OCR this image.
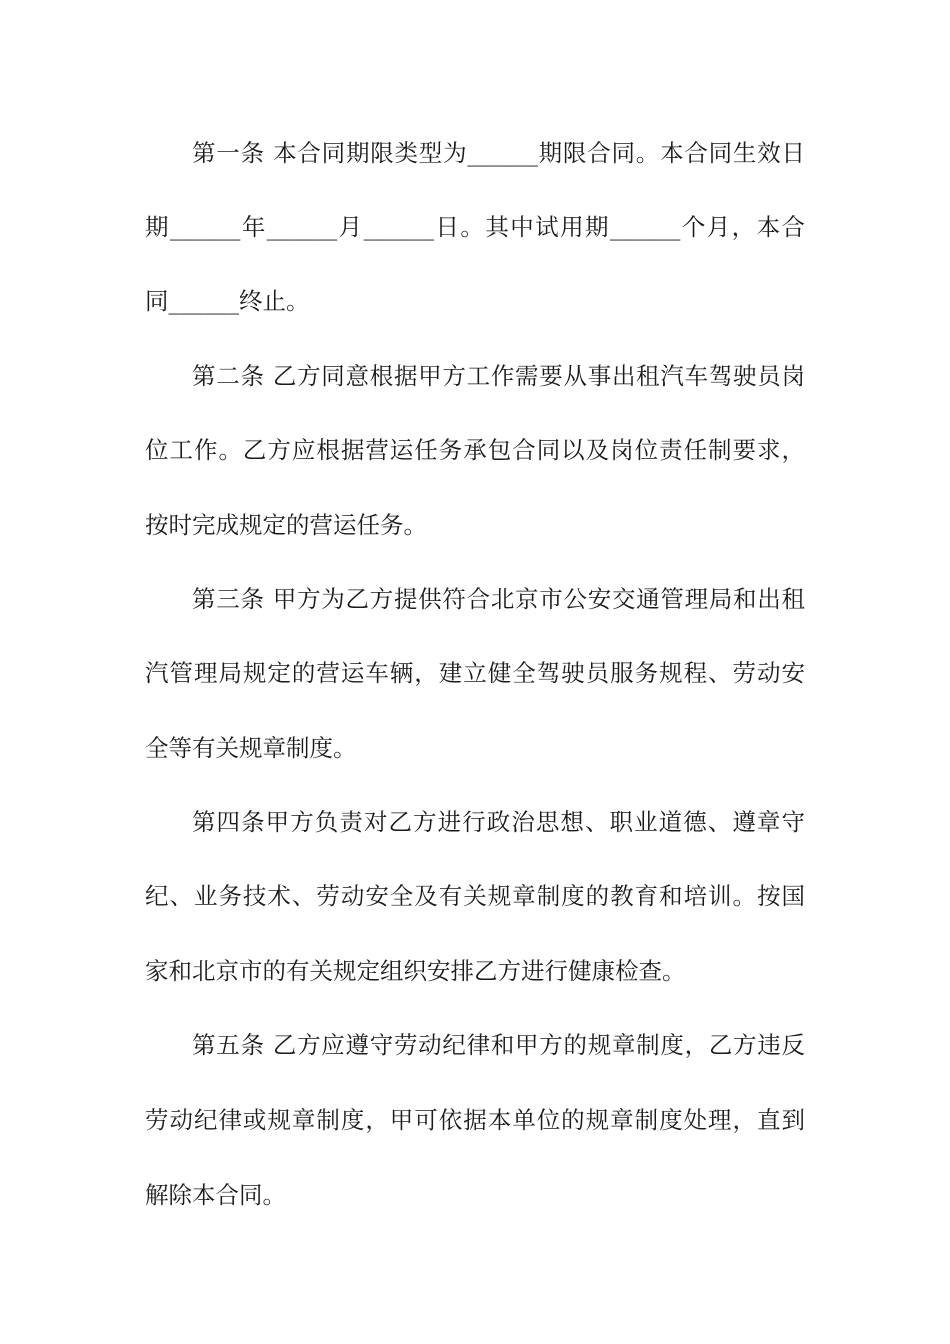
第一条 本合同期限类型为______期限合同。本合同生效日
期______年______月______日。其中试用期______个月，本合
同______终止。
第二条 乙方同意根据甲方工作需要从事出租汽车驾驶员岗
位工作。乙方应根据营运任务承包合同以及岗位责任制要求，
按时完成规定的营运任务。
第三条 甲方为乙方提供符合北京市公安交通管理局和出租
汽管理局规定的营运车辆，建立健全驾驶员服务规程、劳动安
全等有关规章制度。
第四条甲方负责对乙方进行政治思想、职业道德、遵章守
纪、业务技术、劳动安全及有关规章制度的教育和培训。按国
家和北京市的有关规定组织安排乙方进行健康检查。
第五条 乙方应遵守劳动纪律和甲方的规章制度，乙方违反
劳动纪律或规章制度，甲可依据本单位的规章制度处理，直到
解除本合同。
